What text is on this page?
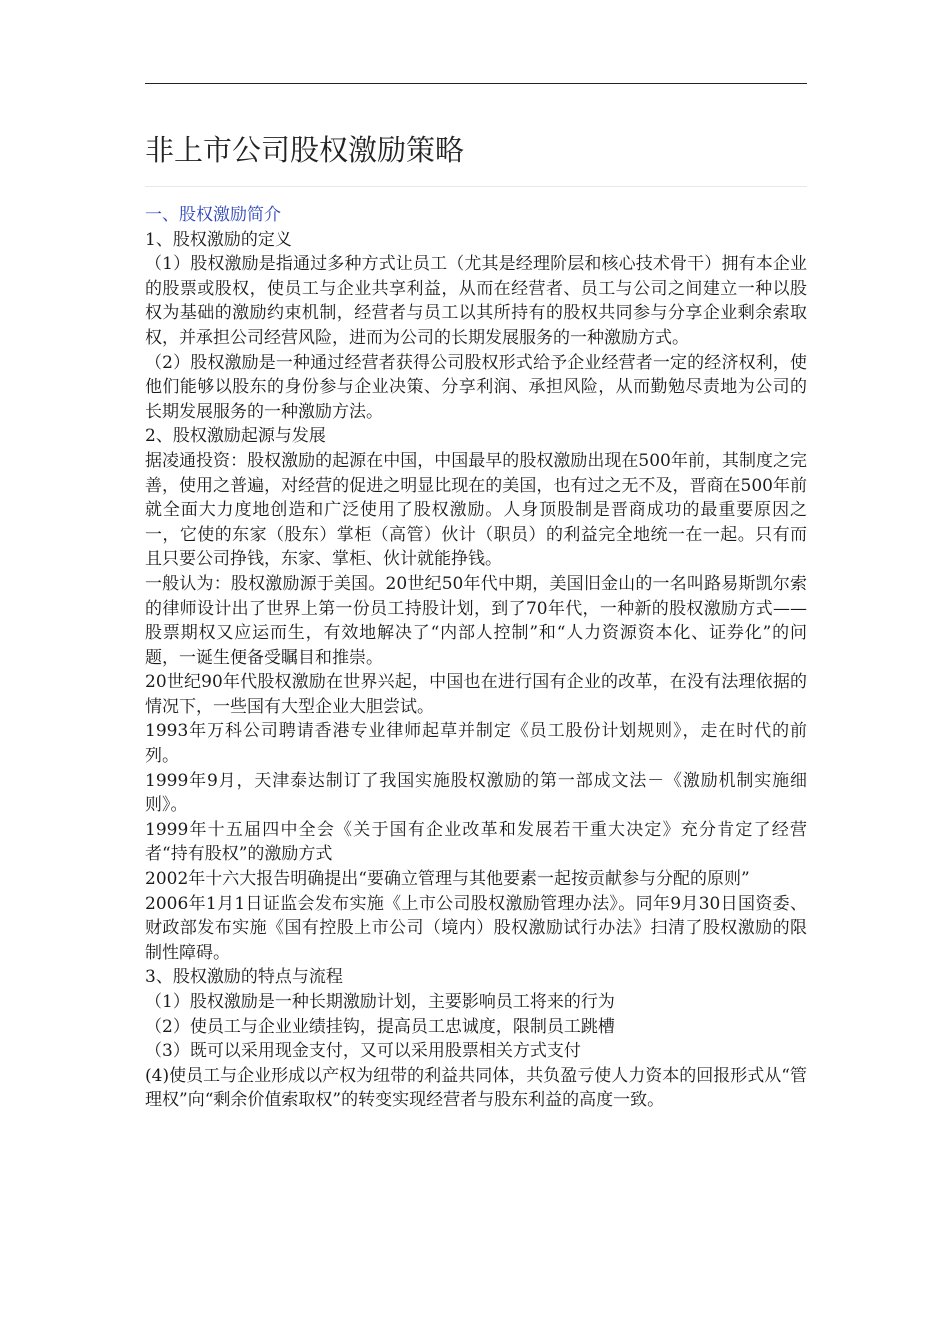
非上市公司股权激励策略

一、股权激励简介

1、股权激励的定义

（1）股权激励是指通过多种方式让员工（尤其是经理阶层和核心技术骨干）拥有本企业的股票或股权，使员工与企业共享利益，从而在经营者、员工与公司之间建立一种以股权为基础的激励约束机制，经营者与员工以其所持有的股权共同参与分享企业剩余索取权，并承担公司经营风险，进而为公司的长期发展服务的一种激励方式。

（2）股权激励是一种通过经营者获得公司股权形式给予企业经营者一定的经济权利，使他们能够以股东的身份参与企业决策、分享利润、承担风险，从而勤勉尽责地为公司的长期发展服务的一种激励方法。

2、股权激励起源与发展

据凌通投资：股权激励的起源在中国，中国最早的股权激励出现在500年前，其制度之完善，使用之普遍，对经营的促进之明显比现在的美国，也有过之无不及，晋商在500年前就全面大力度地创造和广泛使用了股权激励。人身顶股制是晋商成功的最重要原因之一，它使的东家（股东）掌柜（高管）伙计（职员）的利益完全地统一在一起。只有而且只要公司挣钱，东家、掌柜、伙计就能挣钱。

一般认为：股权激励源于美国。20世纪50年代中期，美国旧金山的一名叫路易斯凯尔索的律师设计出了世界上第一份员工持股计划，到了70年代，一种新的股权激励方式——股票期权又应运而生，有效地解决了“内部人控制”和“人力资源资本化、证券化”的问题，一诞生便备受瞩目和推崇。

20世纪90年代股权激励在世界兴起，中国也在进行国有企业的改革，在没有法理依据的情况下，一些国有大型企业大胆尝试。

1993年万科公司聘请香港专业律师起草并制定《员工股份计划规则》，走在时代的前列。

1999年9月，天津泰达制订了我国实施股权激励的第一部成文法－《激励机制实施细则》。

1999年十五届四中全会《关于国有企业改革和发展若干重大决定》充分肯定了经营者“持有股权”的激励方式

2002年十六大报告明确提出“要确立管理与其他要素一起按贡献参与分配的原则”

2006年1月1日证监会发布实施《上市公司股权激励管理办法》。同年9月30日国资委、财政部发布实施《国有控股上市公司（境内）股权激励试行办法》扫清了股权激励的限制性障碍。

3、股权激励的特点与流程

（1）股权激励是一种长期激励计划，主要影响员工将来的行为

（2）使员工与企业业绩挂钩，提高员工忠诚度，限制员工跳槽

（3）既可以采用现金支付，又可以采用股票相关方式支付

(4)使员工与企业形成以产权为纽带的利益共同体，共负盈亏使人力资本的回报形式从“管理权”向“剩余价值索取权”的转变实现经营者与股东利益的高度一致。
